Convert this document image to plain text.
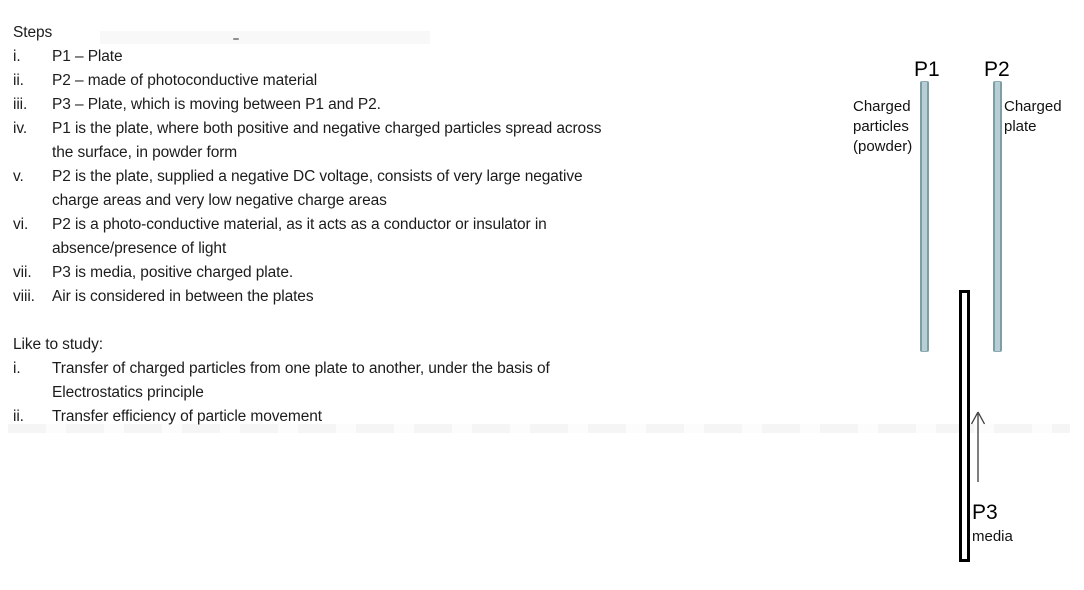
Steps
i.	P1 – Plate
ii.	P2 – made of photoconductive material
iii.	P3 – Plate, which is moving between P1 and P2.
iv.	P1 is the plate, where both positive and negative charged particles spread across
the surface, in powder form
v.	P2 is the plate, supplied a negative DC voltage, consists of very large negative
charge areas and very low negative charge areas
vi.	P2 is a photo-conductive material, as it acts as a conductor or insulator in
absence/presence of light
vii.	P3 is media, positive charged plate.
viii.	Air is considered in between the plates
Like to study:
i.	Transfer of charged particles from one plate to another, under the basis of
Electrostatics principle
ii.	Transfer efficiency of particle movement
P1 P2
Charged
particles
(powder)
Charged
plate
P3
media
